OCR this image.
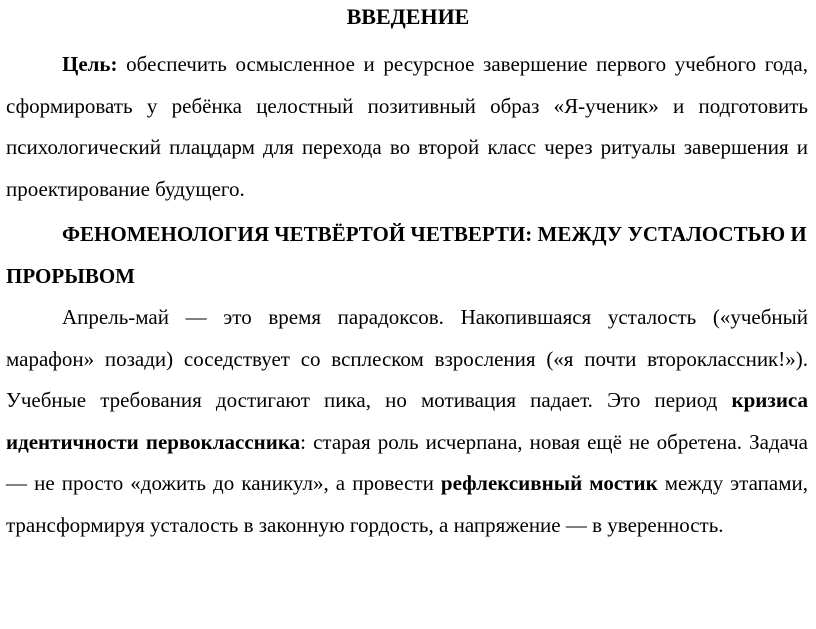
ВВЕДЕНИЕ
Цель: обеспечить осмысленное и ресурсное завершение первого учебного года, сформировать у ребёнка целостный позитивный образ «Я-ученик» и подготовить психологический плацдарм для перехода во второй класс через ритуалы завершения и проектирование будущего.
ФЕНОМЕНОЛОГИЯ ЧЕТВЁРТОЙ ЧЕТВЕРТИ: МЕЖДУ УСТАЛОСТЬЮ И ПРОРЫВОМ
Апрель-май — это время парадоксов. Накопившаяся усталость («учебный марафон» позади) соседствует со всплеском взросления («я почти второклассник!»). Учебные требования достигают пика, но мотивация падает. Это период кризиса идентичности первоклассника: старая роль исчерпана, новая ещё не обретена. Задача — не просто «дожить до каникул», а провести рефлексивный мостик между этапами, трансформируя усталость в законную гордость, а напряжение — в уверенность.
